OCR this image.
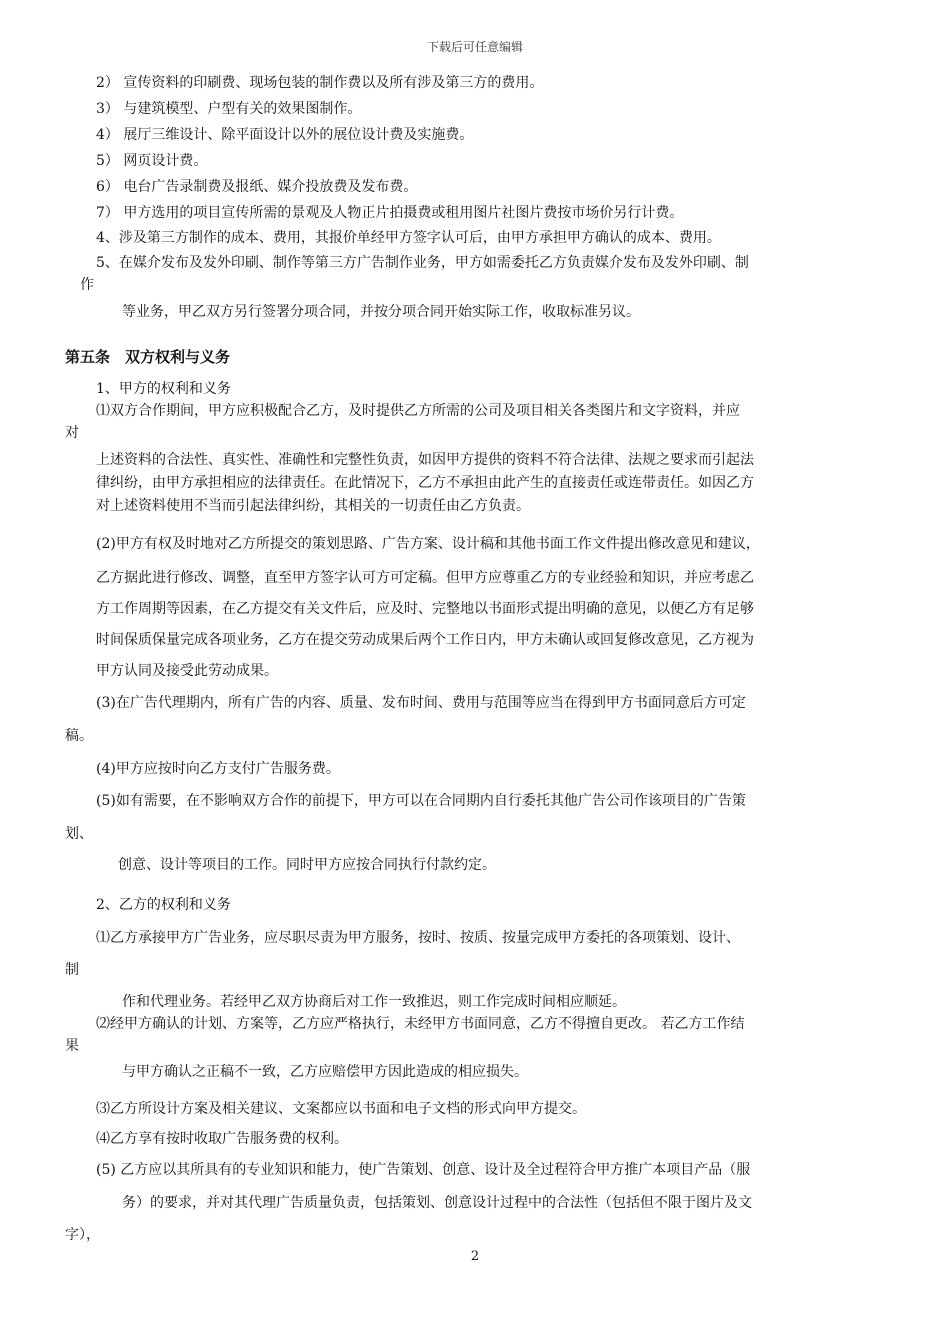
下载后可任意编辑
2） 宣传资料的印刷费、现场包装的制作费以及所有涉及第三方的费用。
3） 与建筑模型、户型有关的效果图制作。
4） 展厅三维设计、除平面设计以外的展位设计费及实施费。
5） 网页设计费。
6） 电台广告录制费及报纸、媒介投放费及发布费。
7） 甲方选用的项目宣传所需的景观及人物正片拍摄费或租用图片社图片费按市场价另行计费。
4、涉及第三方制作的成本、费用，其报价单经甲方签字认可后，由甲方承担甲方确认的成本、费用。
5、在媒介发布及发外印刷、制作等第三方广告制作业务，甲方如需委托乙方负责媒介发布及发外印刷、制
作
等业务，甲乙双方另行签署分项合同，并按分项合同开始实际工作，收取标准另议。
第五条　双方权利与义务
1、甲方的权利和义务
⑴双方合作期间，甲方应积极配合乙方，及时提供乙方所需的公司及项目相关各类图片和文字资料，并应
对
上述资料的合法性、真实性、准确性和完整性负责，如因甲方提供的资料不符合法律、法规之要求而引起法
律纠纷，由甲方承担相应的法律责任。在此情况下，乙方不承担由此产生的直接责任或连带责任。如因乙方
对上述资料使用不当而引起法律纠纷，其相关的一切责任由乙方负责。
(2)甲方有权及时地对乙方所提交的策划思路、广告方案、设计稿和其他书面工作文件提出修改意见和建议，
乙方据此进行修改、调整，直至甲方签字认可方可定稿。但甲方应尊重乙方的专业经验和知识，并应考虑乙
方工作周期等因素，在乙方提交有关文件后，应及时、完整地以书面形式提出明确的意见，以便乙方有足够
时间保质保量完成各项业务，乙方在提交劳动成果后两个工作日内，甲方未确认或回复修改意见，乙方视为
甲方认同及接受此劳动成果。
(3)在广告代理期内，所有广告的内容、质量、发布时间、费用与范围等应当在得到甲方书面同意后方可定
稿。
(4)甲方应按时向乙方支付广告服务费。
(5)如有需要，在不影响双方合作的前提下，甲方可以在合同期内自行委托其他广告公司作该项目的广告策
划、
创意、设计等项目的工作。同时甲方应按合同执行付款约定。
2、乙方的权利和义务
⑴乙方承接甲方广告业务，应尽职尽责为甲方服务，按时、按质、按量完成甲方委托的各项策划、设计、
制
作和代理业务。若经甲乙双方协商后对工作一致推迟，则工作完成时间相应顺延。
⑵经甲方确认的计划、方案等，乙方应严格执行，未经甲方书面同意，乙方不得擅自更改。 若乙方工作结
果
与甲方确认之正稿不一致，乙方应赔偿甲方因此造成的相应损失。
⑶乙方所设计方案及相关建议、文案都应以书面和电子文档的形式向甲方提交。
⑷乙方享有按时收取广告服务费的权利。
(5) 乙方应以其所具有的专业知识和能力，使广告策划、创意、设计及全过程符合甲方推广本项目产品（服
务）的要求，并对其代理广告质量负责，包括策划、创意设计过程中的合法性（包括但不限于图片及文
字），
2
